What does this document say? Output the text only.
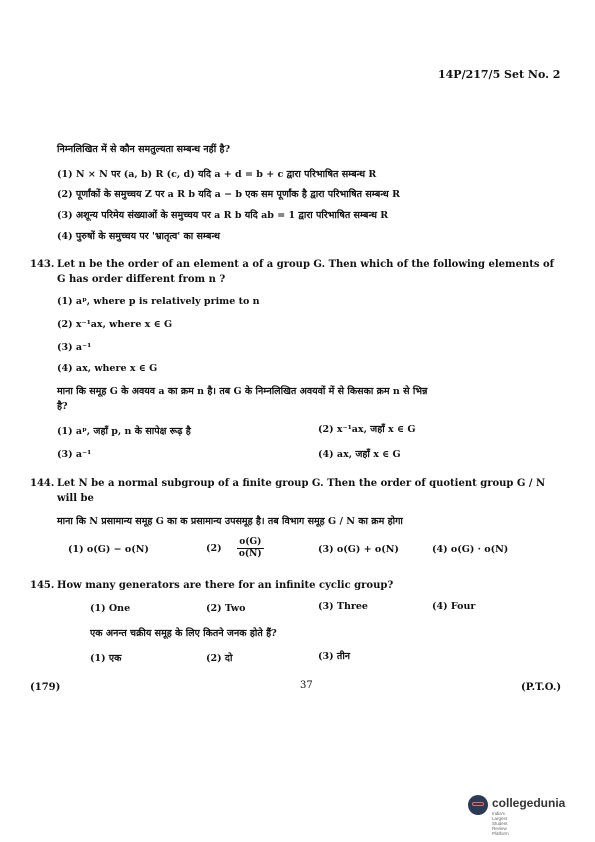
14P/217/5 Set No. 2
निम्नलिखित में से कौन समतुल्यता सम्बन्ध नहीं है?
(1) N × N पर (a, b) R (c, d) यदि a + d = b + c द्वारा परिभाषित सम्बन्ध R
(2) पूर्णांकों के समुच्चय Z पर a R b यदि a − b एक सम पूर्णांक है द्वारा परिभाषित सम्बन्ध R
(3) अशून्य परिमेय संख्याओं के समुच्चय पर a R b यदि ab = 1 द्वारा परिभाषित सम्बन्ध R
(4) पुरुषों के समुच्चय पर 'भ्रातृत्व' का सम्बन्ध
143. Let n be the order of an element a of a group G. Then which of the following elements of
G has order different from n ?
(1) aᵖ, where p is relatively prime to n
(2) x⁻¹ax, where x ∈ G
(3) a⁻¹
(4) ax, where x ∈ G
माना कि समूह G के अवयव a का क्रम n है। तब G के निम्नलिखित अवयवों में से किसका क्रम n से भिन्न
है?
(1) aᵖ, जहाँ p, n के सापेक्ष रूढ़ है	(2) x⁻¹ax, जहाँ x ∈ G
(3) a⁻¹	(4) ax, जहाँ x ∈ G
144. Let N be a normal subgroup of a finite group G. Then the order of quotient group G / N
will be
माना कि N प्रसामान्य समूह G का क प्रसामान्य उपसमूह है। तब विभाग समूह G / N का क्रम होगा
(1) o(G) − o(N)	$(2) \frac{o(G)}{o(N)}$	(3) o(G) + o(N)	(4) o(G) · o(N)
145. How many generators are there for an infinite cyclic group?
(1) One	(2) Two	(3) Three	(4) Four
एक अनन्त चक्रीय समूह के लिए कितने जनक होते हैं?
(1) एक	(2) दो	(3) तीन
(179)	37	(P.T.O.)
collegedunia
India's Largest Student Review Platform
